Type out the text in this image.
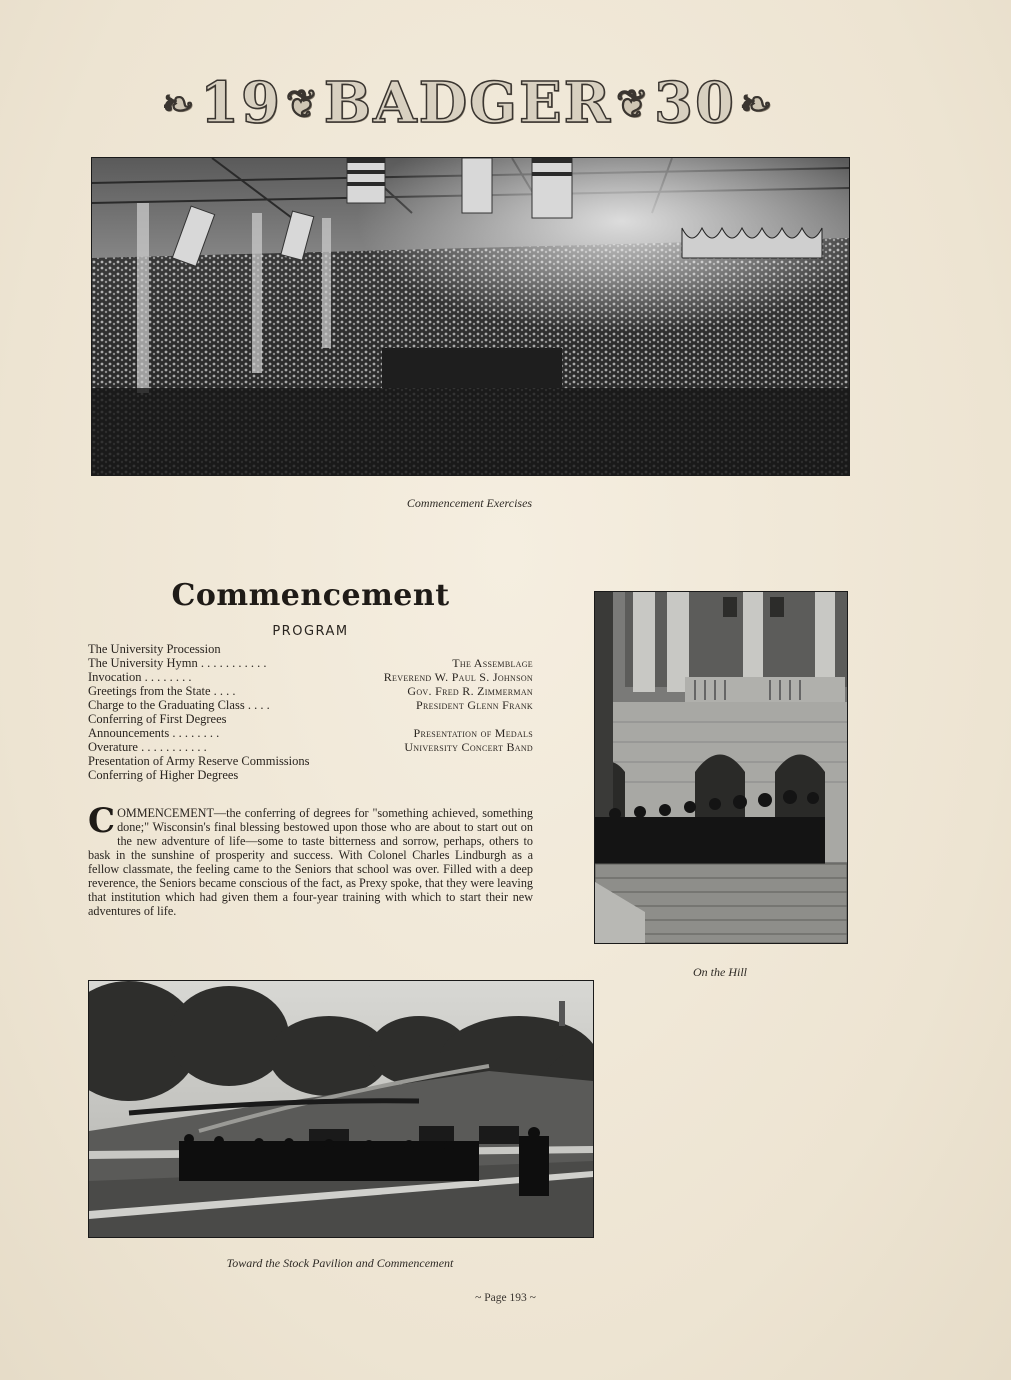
❧ 19 ❦ BADGER ❦ 30 ❧
Commencement Exercises
Commencement
PROGRAM
The University Procession
The University Hymn . . . . . . . . . . .	The Assemblage
Invocation . . . . . . . .	Reverend W. Paul S. Johnson
Greetings from the State . . . .	Gov. Fred R. Zimmerman
Charge to the Graduating Class . . . .	President Glenn Frank
Conferring of First Degrees
Announcements . . . . . . . .	Presentation of Medals
Overature . . . . . . . . . . .	University Concert Band
Presentation of Army Reserve Commissions
Conferring of Higher Degrees
C OMMENCEMENT—the conferring of degrees for "something achieved, something done;" Wisconsin's final blessing bestowed upon those who are about to start out on the new adventure of life—some to taste bitterness and sorrow, perhaps, others to bask in the sunshine of prosperity and success. With Colonel Charles Lindburgh as a fellow classmate, the feeling came to the Seniors that school was over. Filled with a deep reverence, the Seniors became conscious of the fact, as Prexy spoke, that they were leaving that institution which had given them a four-year training with which to start their new adventures of life.
On the Hill
Toward the Stock Pavilion and Commencement
~ Page 193 ~
